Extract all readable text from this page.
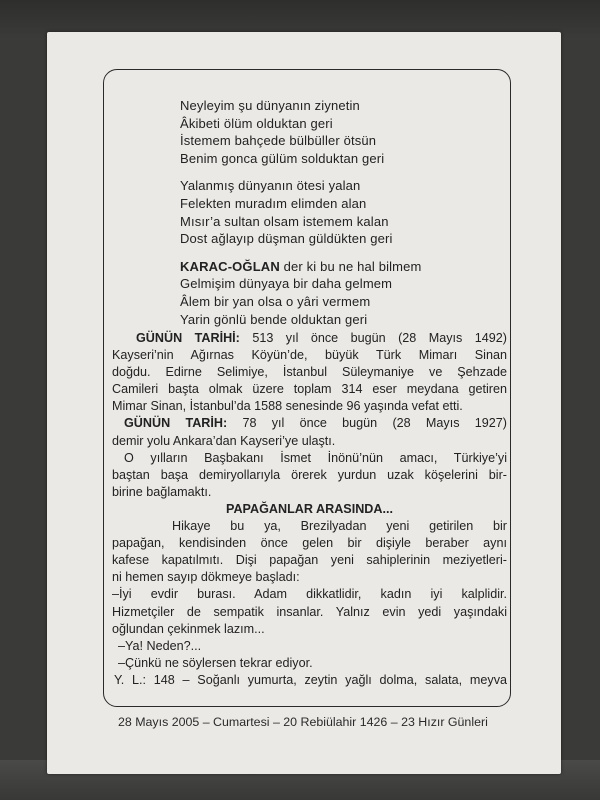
Neyleyim şu dünyanın ziynetin
Âkibeti ölüm olduktan geri
İstemem bahçede bülbüller ötsün
Benim gonca gülüm solduktan geri
Yalanmış dünyanın ötesi yalan
Felekten muradım elimden alan
Mısır’a sultan olsam istemem kalan
Dost ağlayıp düşman güldükten geri
KARAC-OĞLAN der ki bu ne hal bilmem
Gelmişim dünyaya bir daha gelmem
Âlem bir yan olsa o yâri vermem
Yarin gönlü bende olduktan geri
GÜNÜN TARİHİ: 513 yıl önce bugün (28 Mayıs 1492)
Kayseri’nin Ağırnas Köyün’de, büyük Türk Mimarı Sinan
doğdu. Edirne Selimiye, İstanbul Süleymaniye ve Şehzade
Camileri başta olmak üzere toplam 314 eser meydana getiren
Mimar Sinan, İstanbul’da 1588 senesinde 96 yaşında vefat etti.
GÜNÜN TARİH: 78 yıl önce bugün (28 Mayıs 1927)
demir yolu Ankara’dan Kayseri’ye ulaştı.
O yılların Başbakanı İsmet İnönü’nün amacı, Türkiye’yi
baştan başa demiryollarıyla örerek yurdun uzak köşelerini bir-
birine bağlamaktı.
PAPAĞANLAR ARASINDA...
Hikaye bu ya, Brezilyadan yeni getirilen bir
papağan, kendisinden önce gelen bir dişiyle beraber aynı
kafese kapatılmıtı. Dişi papağan yeni sahiplerinin meziyetleri-
ni hemen sayıp dökmeye başladı:
–İyi evdir burası. Adam dikkatlidir, kadın iyi kalplidir.
Hizmetçiler de sempatik insanlar. Yalnız evin yedi yaşındaki
oğlundan çekinmek lazım...
–Ya! Neden?...
–Çünkü ne söylersen tekrar ediyor.
Y. L.: 148 – Soğanlı yumurta, zeytin yağlı dolma, salata, meyva
28 Mayıs 2005 – Cumartesi – 20 Rebiülahir 1426 – 23 Hızır Günleri
